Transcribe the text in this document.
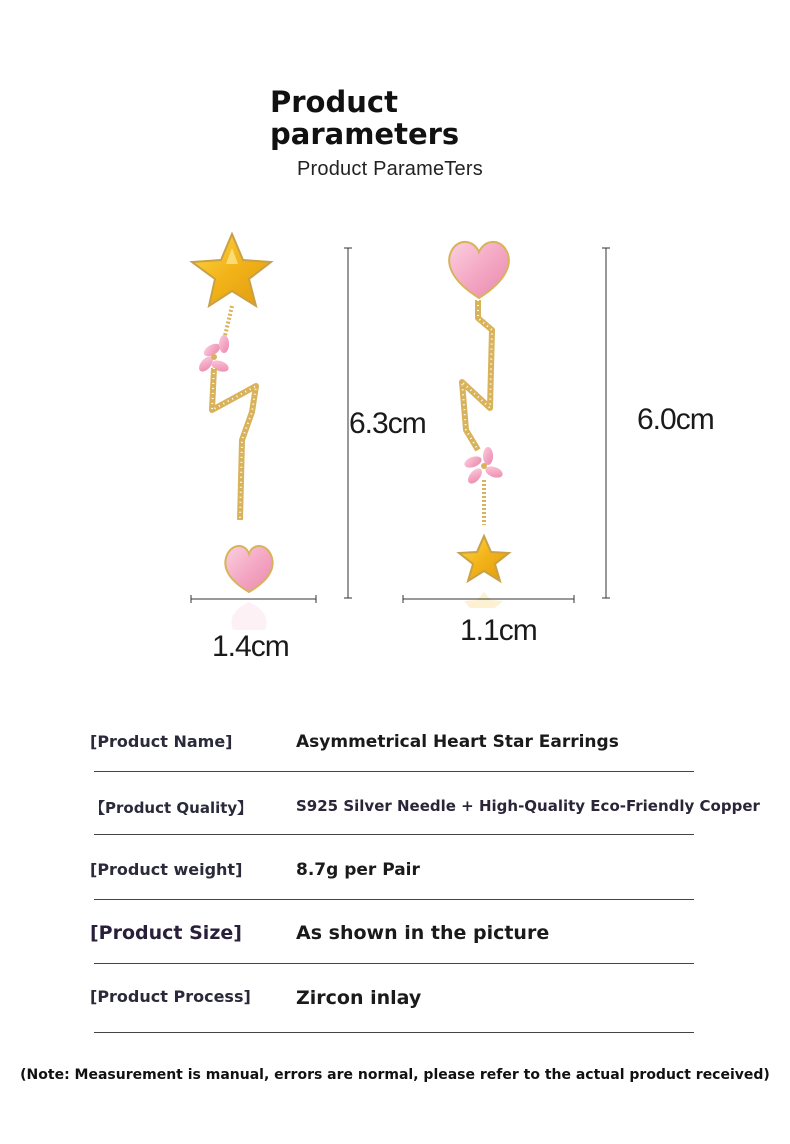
Product parameters
Product ParameTers
6.3cm
1.4cm
6.0cm
1.1cm
[Product Name]	Asymmetrical Heart Star Earrings
【Product Quality】	S925 Silver Needle + High-Quality Eco-Friendly Copper
[Product weight]	8.7g per Pair
[Product Size]	As shown in the picture
[Product Process] Zircon inlay
(Note: Measurement is manual, errors are normal, please refer to the actual product received)
